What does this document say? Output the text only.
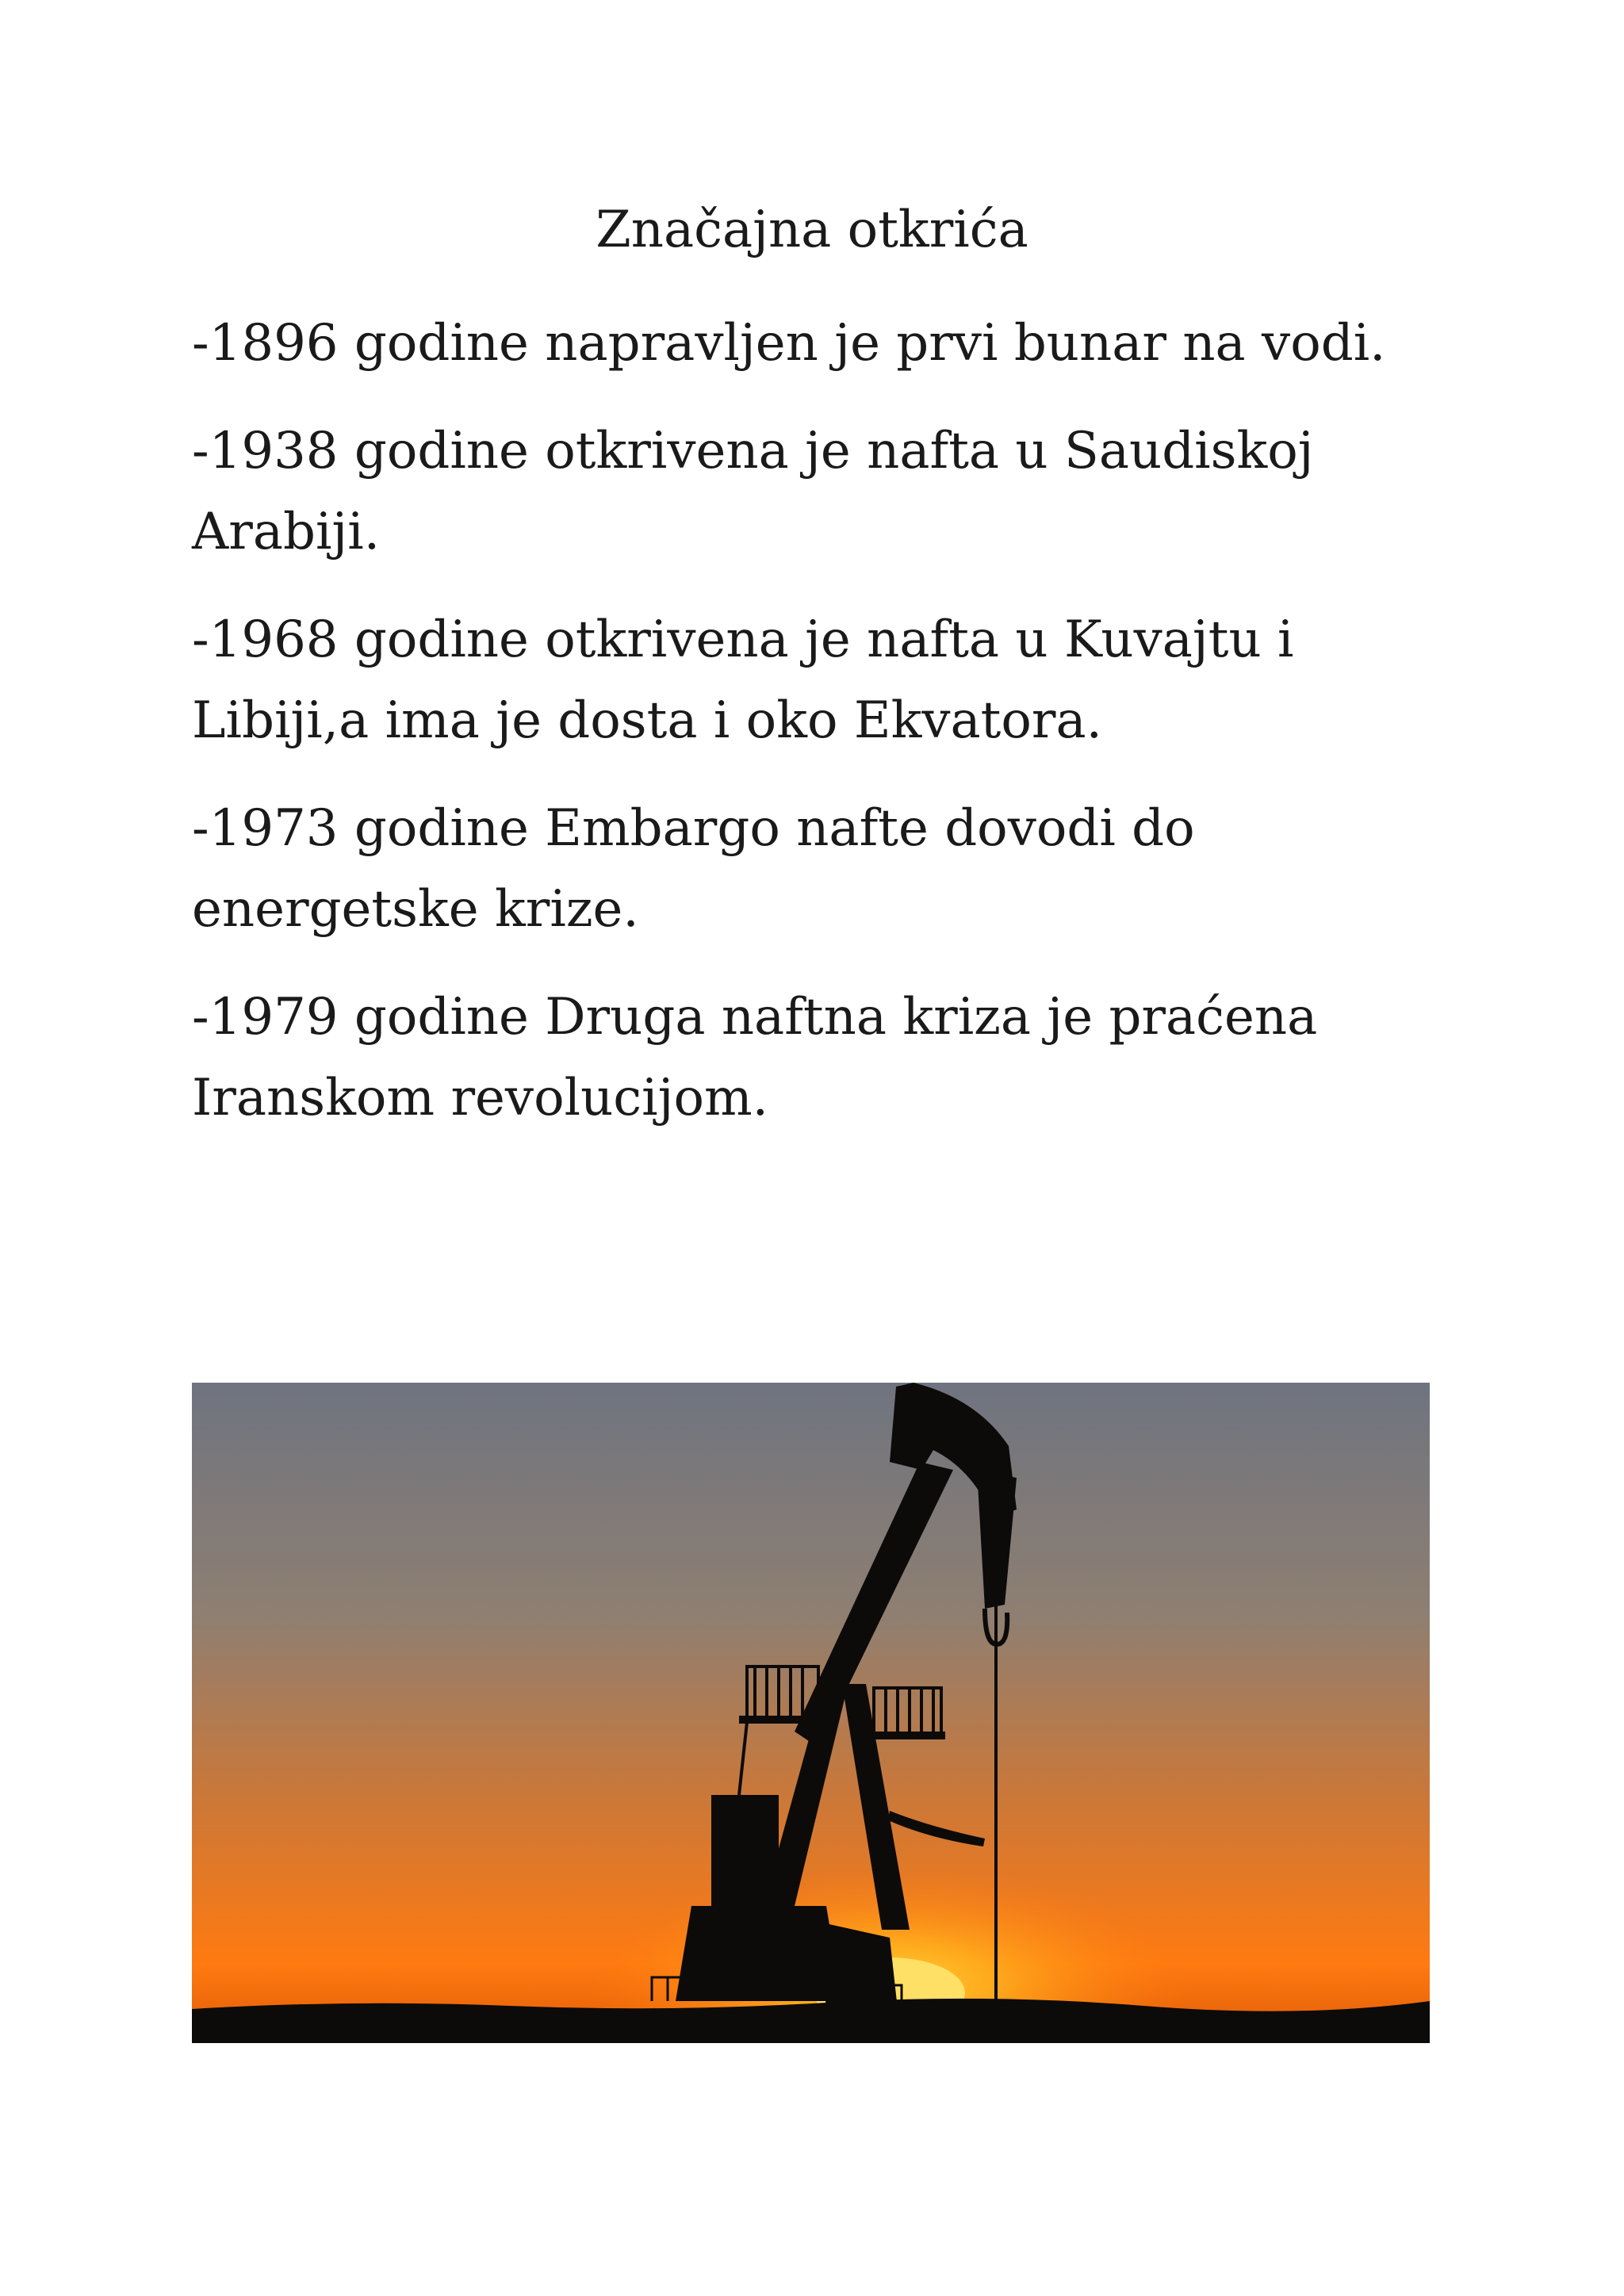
Značajna otkrića

-1896 godine napravljen je prvi bunar na vodi.

-1938 godine otkrivena je nafta u Saudiskoj Arabiji.

-1968 godine otkrivena je nafta u Kuvajtu i Libiji,a ima je dosta i oko Ekvatora.

-1973 godine Embargo nafte dovodi do energetske krize.

-1979 godine Druga naftna kriza je praćena Iranskom revolucijom.
